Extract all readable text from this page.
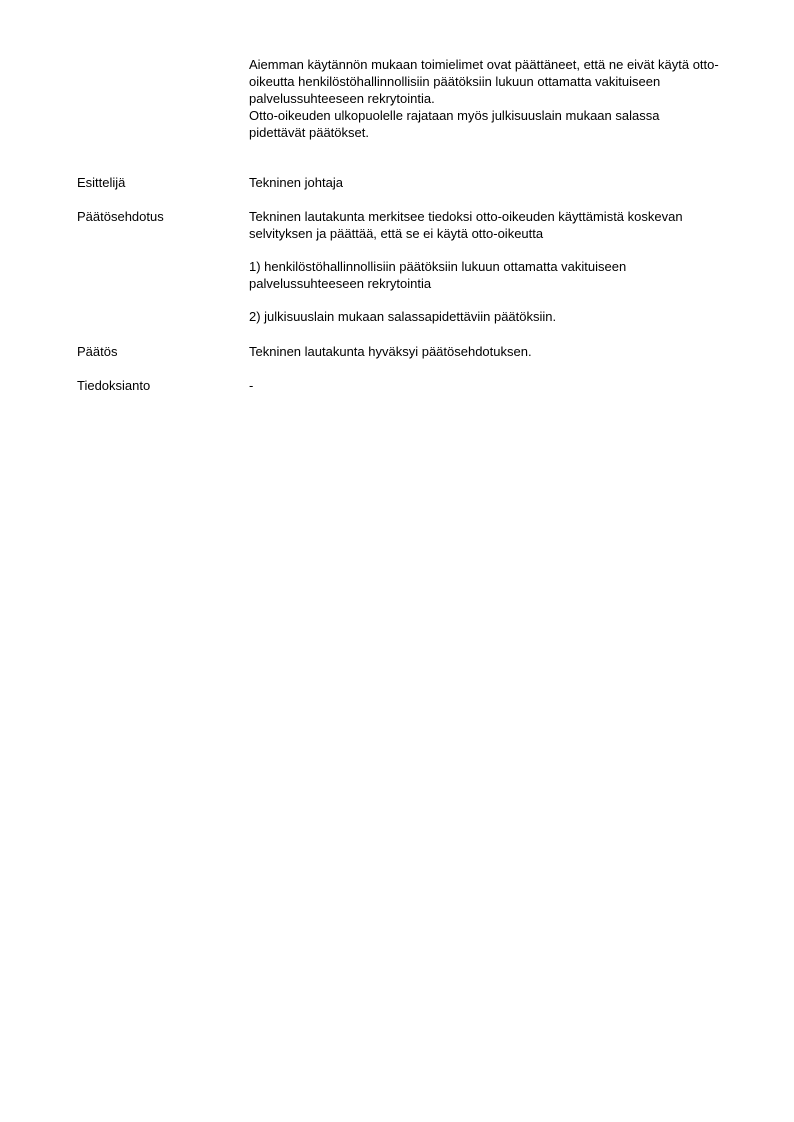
Aiemman käytännön mukaan toimielimet ovat päättäneet, että ne eivät käytä otto-oikeutta henkilöstöhallinnollisiin päätöksiin lukuun ottamatta vakituiseen palvelussuhteeseen rekrytointia.

Otto-oikeuden ulkopuolelle rajataan myös julkisuuslain mukaan salassa pidettävät päätökset.

Esittelijä	Tekninen johtaja
Päätösehdotus	Tekninen lautakunta merkitsee tiedoksi otto-oikeuden käyttämistä koskevan selvityksen ja päättää, että se ei käytä otto-oikeutta

1) henkilöstöhallinnollisiin päätöksiin lukuun ottamatta vakituiseen palvelussuhteeseen rekrytointia

2) julkisuuslain mukaan salassapidettäviin päätöksiin.

Päätös	Tekninen lautakunta hyväksyi päätösehdotuksen.
Tiedoksianto	-
